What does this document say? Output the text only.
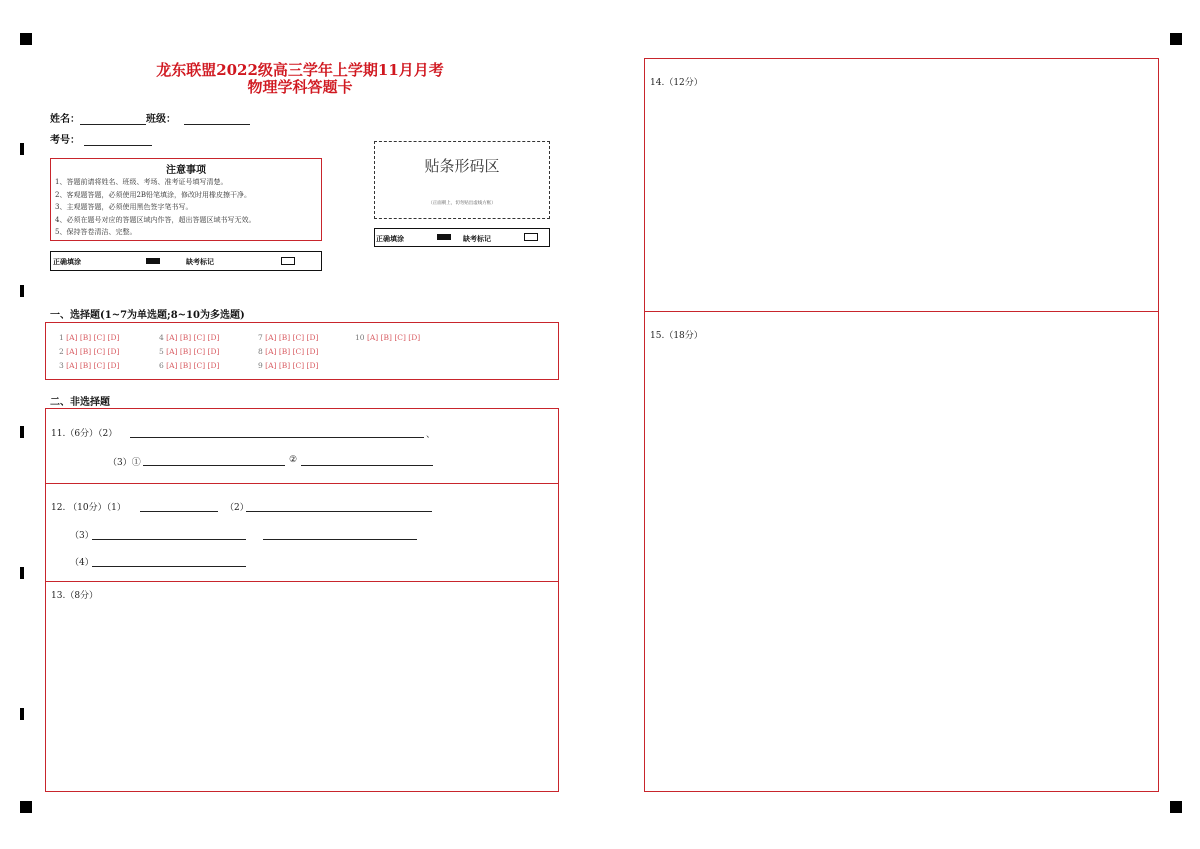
龙东联盟2022级高三学年上学期11月月考
物理学科答题卡
姓名：	班级：
考号：
注意事项
1、答题前请将姓名、班级、考场、准考证号填写清楚。
2、客观题答题，必须使用2B铅笔填涂，修改时用橡皮擦干净。
3、主观题答题，必须使用黑色签字笔书写。
4、必须在题号对应的答题区域内作答，超出答题区域书写无效。
5、保持答卷清洁、完整。
正确填涂	缺考标记
贴条形码区
（正面朝上，切勿贴出虚线方框）
正确填涂	缺考标记
一、选择题(1~7为单选题;8~10为多选题)
1 [A] [B] [C] [D]
2 [A] [B] [C] [D]
3 [A] [B] [C] [D]
4 [A] [B] [C] [D]
5 [A] [B] [C] [D]
6 [A] [B] [C] [D]
7 [A] [B] [C] [D]
8 [A] [B] [C] [D]
9 [A] [B] [C] [D]
10 [A] [B] [C] [D]
二、非选择题
11.（6分）（2）	、
（3）①	②
12. （10分）（1）	（2）
（3）
（4）
13.（8分）
14.（12分）
15.（18分）
